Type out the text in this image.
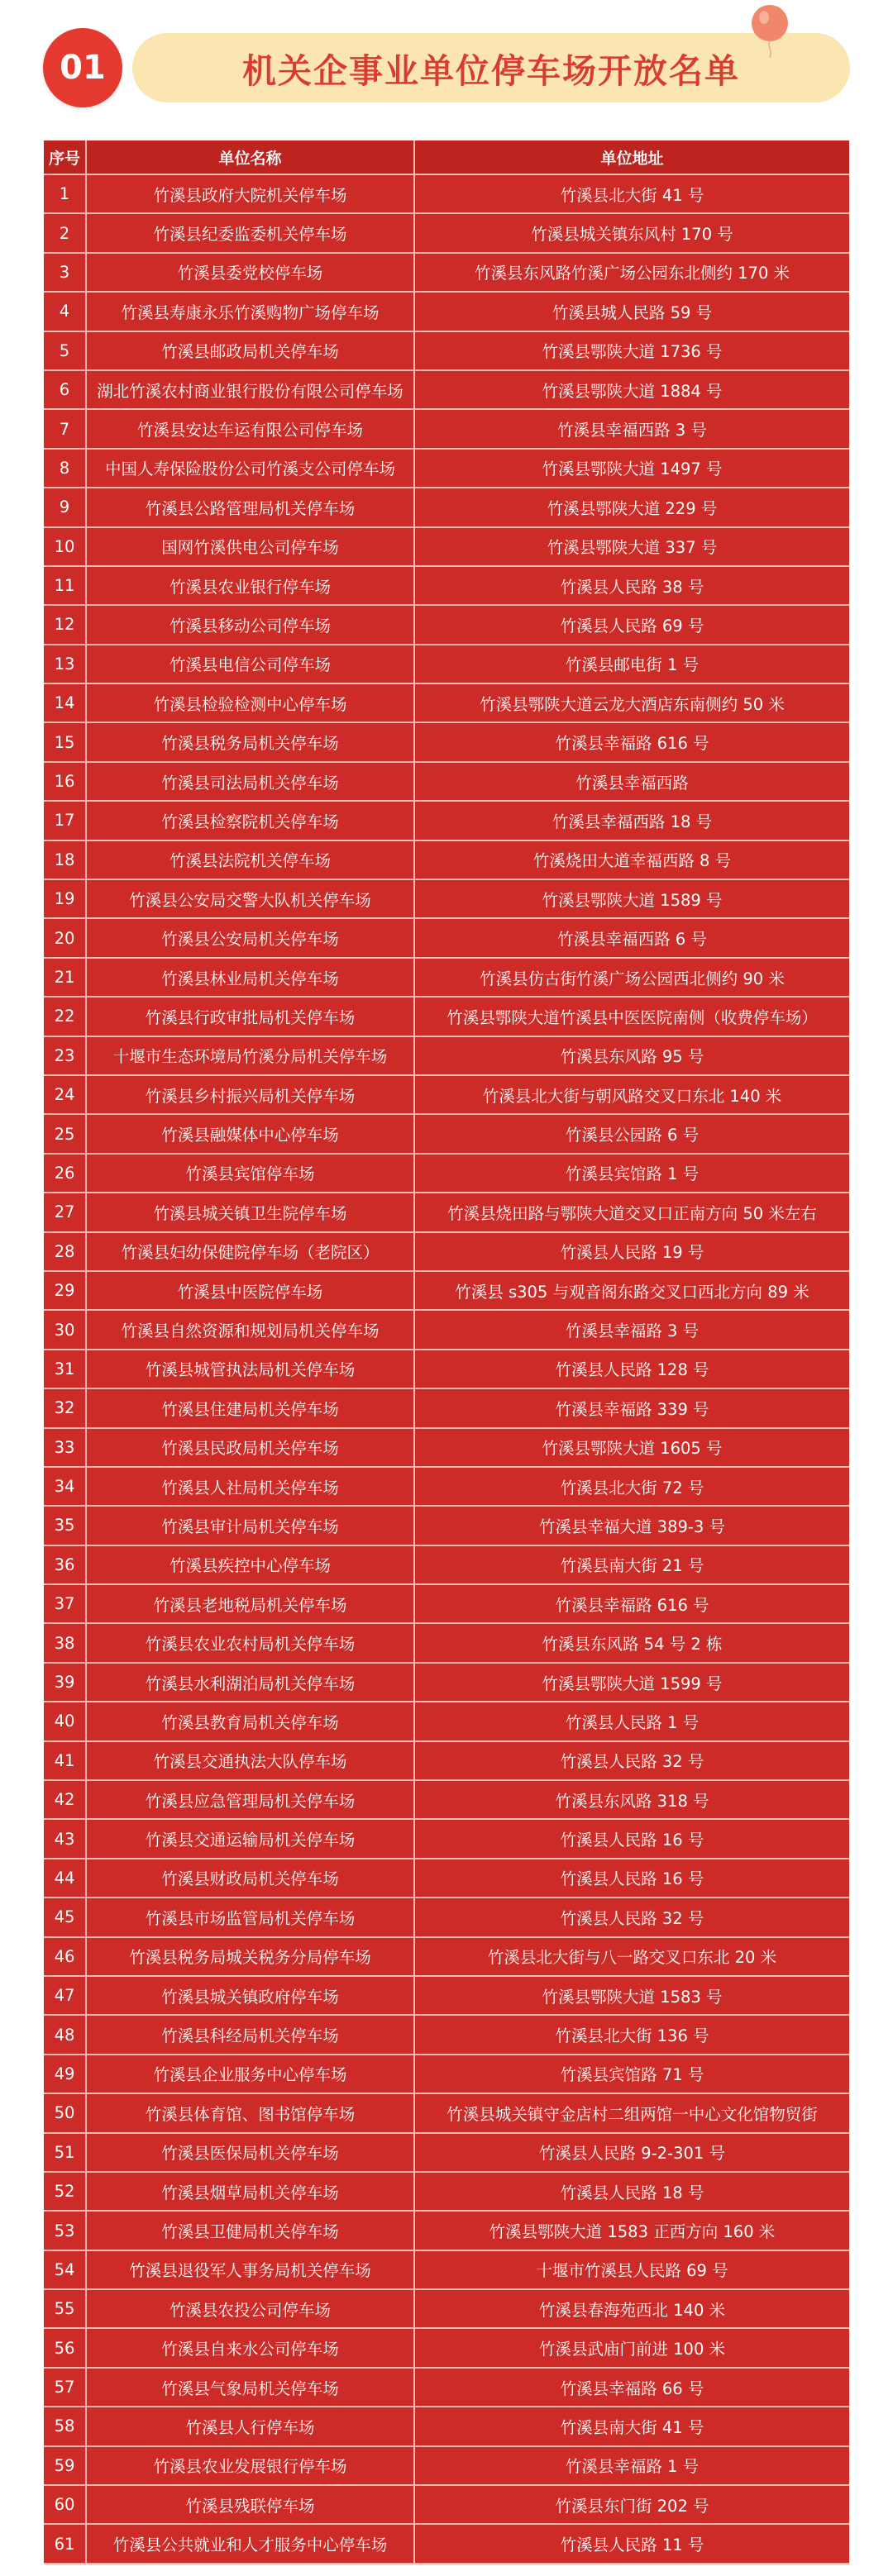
01	机关企事业单位停车场开放名单
序号	单位名称	单位地址
1	竹溪县政府大院机关停车场	竹溪县北大街 41 号
2	竹溪县纪委监委机关停车场	竹溪县城关镇东风村 170 号
3	竹溪县委党校停车场	竹溪县东风路竹溪广场公园东北侧约 170 米
4	竹溪县寿康永乐竹溪购物广场停车场	竹溪县城人民路 59 号
5	竹溪县邮政局机关停车场	竹溪县鄂陕大道 1736 号
6	湖北竹溪农村商业银行股份有限公司停车场	竹溪县鄂陕大道 1884 号
7	竹溪县安达车运有限公司停车场	竹溪县幸福西路 3 号
8	中国人寿保险股份公司竹溪支公司停车场	竹溪县鄂陕大道 1497 号
9	竹溪县公路管理局机关停车场	竹溪县鄂陕大道 229 号
10	国网竹溪供电公司停车场	竹溪县鄂陕大道 337 号
11	竹溪县农业银行停车场	竹溪县人民路 38 号
12	竹溪县移动公司停车场	竹溪县人民路 69 号
13	竹溪县电信公司停车场	竹溪县邮电街 1 号
14	竹溪县检验检测中心停车场	竹溪县鄂陕大道云龙大酒店东南侧约 50 米
15	竹溪县税务局机关停车场	竹溪县幸福路 616 号
16	竹溪县司法局机关停车场	竹溪县幸福西路
17	竹溪县检察院机关停车场	竹溪县幸福西路 18 号
18	竹溪县法院机关停车场	竹溪烧田大道幸福西路 8 号
19	竹溪县公安局交警大队机关停车场	竹溪县鄂陕大道 1589 号
20	竹溪县公安局机关停车场	竹溪县幸福西路 6 号
21	竹溪县林业局机关停车场	竹溪县仿古街竹溪广场公园西北侧约 90 米
22	竹溪县行政审批局机关停车场	竹溪县鄂陕大道竹溪县中医医院南侧（收费停车场）
23	十堰市生态环境局竹溪分局机关停车场	竹溪县东风路 95 号
24	竹溪县乡村振兴局机关停车场	竹溪县北大街与朝风路交叉口东北 140 米
25	竹溪县融媒体中心停车场	竹溪县公园路 6 号
26	竹溪县宾馆停车场	竹溪县宾馆路 1 号
27	竹溪县城关镇卫生院停车场	竹溪县烧田路与鄂陕大道交叉口正南方向 50 米左右
28	竹溪县妇幼保健院停车场（老院区）	竹溪县人民路 19 号
29	竹溪县中医院停车场	竹溪县 s305 与观音阁东路交叉口西北方向 89 米
30	竹溪县自然资源和规划局机关停车场	竹溪县幸福路 3 号
31	竹溪县城管执法局机关停车场	竹溪县人民路 128 号
32	竹溪县住建局机关停车场	竹溪县幸福路 339 号
33	竹溪县民政局机关停车场	竹溪县鄂陕大道 1605 号
34	竹溪县人社局机关停车场	竹溪县北大街 72 号
35	竹溪县审计局机关停车场	竹溪县幸福大道 389-3 号
36	竹溪县疾控中心停车场	竹溪县南大街 21 号
37	竹溪县老地税局机关停车场	竹溪县幸福路 616 号
38	竹溪县农业农村局机关停车场	竹溪县东风路 54 号 2 栋
39	竹溪县水利湖泊局机关停车场	竹溪县鄂陕大道 1599 号
40	竹溪县教育局机关停车场	竹溪县人民路 1 号
41	竹溪县交通执法大队停车场	竹溪县人民路 32 号
42	竹溪县应急管理局机关停车场	竹溪县东风路 318 号
43	竹溪县交通运输局机关停车场	竹溪县人民路 16 号
44	竹溪县财政局机关停车场	竹溪县人民路 16 号
45	竹溪县市场监管局机关停车场	竹溪县人民路 32 号
46	竹溪县税务局城关税务分局停车场	竹溪县北大街与八一路交叉口东北 20 米
47	竹溪县城关镇政府停车场	竹溪县鄂陕大道 1583 号
48	竹溪县科经局机关停车场	竹溪县北大街 136 号
49	竹溪县企业服务中心停车场	竹溪县宾馆路 71 号
50	竹溪县体育馆、图书馆停车场	竹溪县城关镇守金店村二组两馆一中心文化馆物贸街
51	竹溪县医保局机关停车场	竹溪县人民路 9-2-301 号
52	竹溪县烟草局机关停车场	竹溪县人民路 18 号
53	竹溪县卫健局机关停车场	竹溪县鄂陕大道 1583 正西方向 160 米
54	竹溪县退役军人事务局机关停车场	十堰市竹溪县人民路 69 号
55	竹溪县农投公司停车场	竹溪县春海苑西北 140 米
56	竹溪县自来水公司停车场	竹溪县武庙门前进 100 米
57	竹溪县气象局机关停车场	竹溪县幸福路 66 号
58	竹溪县人行停车场	竹溪县南大街 41 号
59	竹溪县农业发展银行停车场	竹溪县幸福路 1 号
60	竹溪县残联停车场	竹溪县东门街 202 号
61	竹溪县公共就业和人才服务中心停车场	竹溪县人民路 11 号
